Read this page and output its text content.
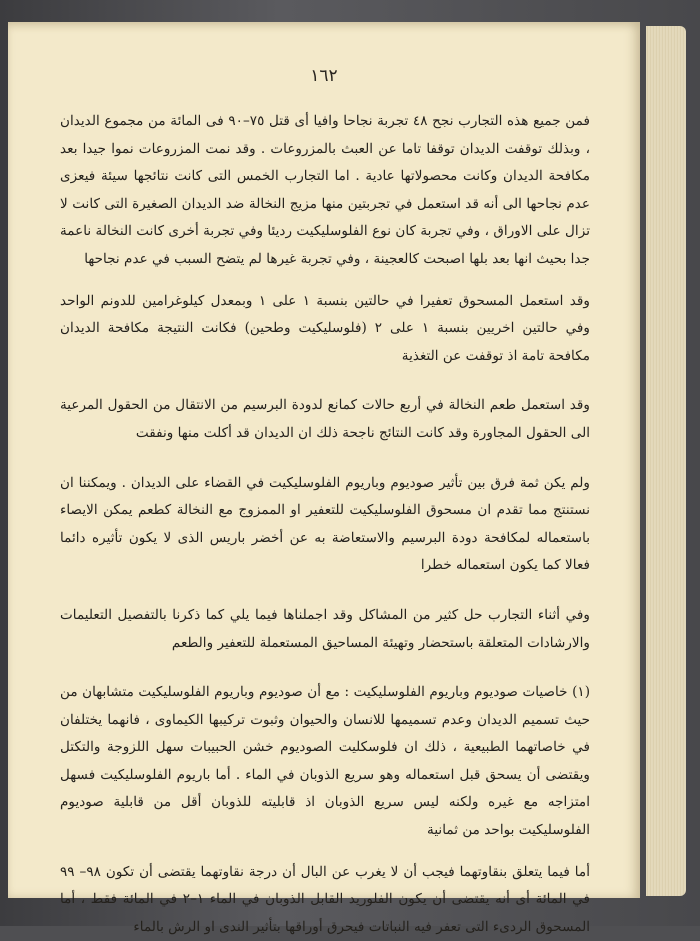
١٦٢

فمن جميع هذه التجارب نجح ٤٨ تجربة نجاحا وافيا أى قتل ٧٥–٩٠ فى المائة من مجموع الديدان ، وبذلك توقفت الديدان توقفا تاما عن العبث بالمزروعات . وقد نمت المزروعات نموا جيدا بعد مكافحة الديدان وكانت محصولاتها عادية . اما التجارب الخمس التى كانت نتائجها سيئة فيعزى عدم نجاحها الى أنه قد استعمل في تجربتين منها مزيج النخالة ضد الديدان الصغيرة التى كانت لا تزال على الاوراق ، وفي تجربة كان نوع الفلوسليكيت رديئا وفي تجربة أخرى كانت النخالة ناعمة جدا بحيث انها بعد بلها اصبحت كالعجينة ، وفي تجربة غيرها لم يتضح السبب في عدم نجاحها

وقد استعمل المسحوق تعفيرا في حالتين بنسبة ١ على ١ وبمعدل كيلوغرامين للدونم الواحد وفي حالتين اخريين بنسبة ١ على ٢ (فلوسليكيت وطحين) فكانت النتيجة مكافحة الديدان مكافحة تامة اذ توقفت عن التغذية

وقد استعمل طعم النخالة في أربع حالات كمانع لدودة البرسيم من الانتقال من الحقول المرعية الى الحقول المجاورة وقد كانت النتائج ناجحة ذلك ان الديدان قد أكلت منها ونفقت

ولم يكن ثمة فرق بين تأثير صوديوم وباريوم الفلوسليكيت في القضاء على الديدان . ويمكننا ان نستنتج مما تقدم ان مسحوق الفلوسليكيت للتعفير او الممزوج مع النخالة كطعم يمكن الايصاء باستعماله لمكافحة دودة البرسيم والاستعاضة به عن أخضر باريس الذى لا يكون تأثيره دائما فعالا كما يكون استعماله خطرا

وفي أثناء التجارب حل كثير من المشاكل وقد اجملناها فيما يلي كما ذكرنا بالتفصيل التعليمات والارشادات المتعلقة باستحضار وتهيئة المساحيق المستعملة للتعفير والطعم

(١) خاصيات صوديوم وباريوم الفلوسليكيت : مع أن صوديوم وباريوم الفلوسليكيت متشابهان من حيث تسميم الديدان وعدم تسميمها للانسان والحيوان وثبوت تركيبها الكيماوى ، فانهما يختلفان في خاصاتهما الطبيعية ، ذلك ان فلوسكليت الصوديوم خشن الحبيبات سهل اللزوجة والتكتل ويقتضى أن يسحق قبل استعماله وهو سريع الذوبان في الماء . أما باريوم الفلوسليكيت فسهل امتزاجه مع غيره ولكنه ليس سريع الذوبان اذ قابليته للذوبان أقل من قابلية صوديوم الفلوسليكيت بواحد من ثمانية

أما فيما يتعلق بنقاوتهما فيجب أن لا يغرب عن البال أن درجة نقاوتهما يقتضى أن تكون ٩٨– ٩٩ في المائة أى أنه يقتضى أن يكون الفلوريد القابل الذوبان في الماء ١–٢ في المائة فقط ، أما المسحوق الردىء التى تعفر فيه النباتات فيحرق أوراقها بتأثير الندى او الرش بالماء
